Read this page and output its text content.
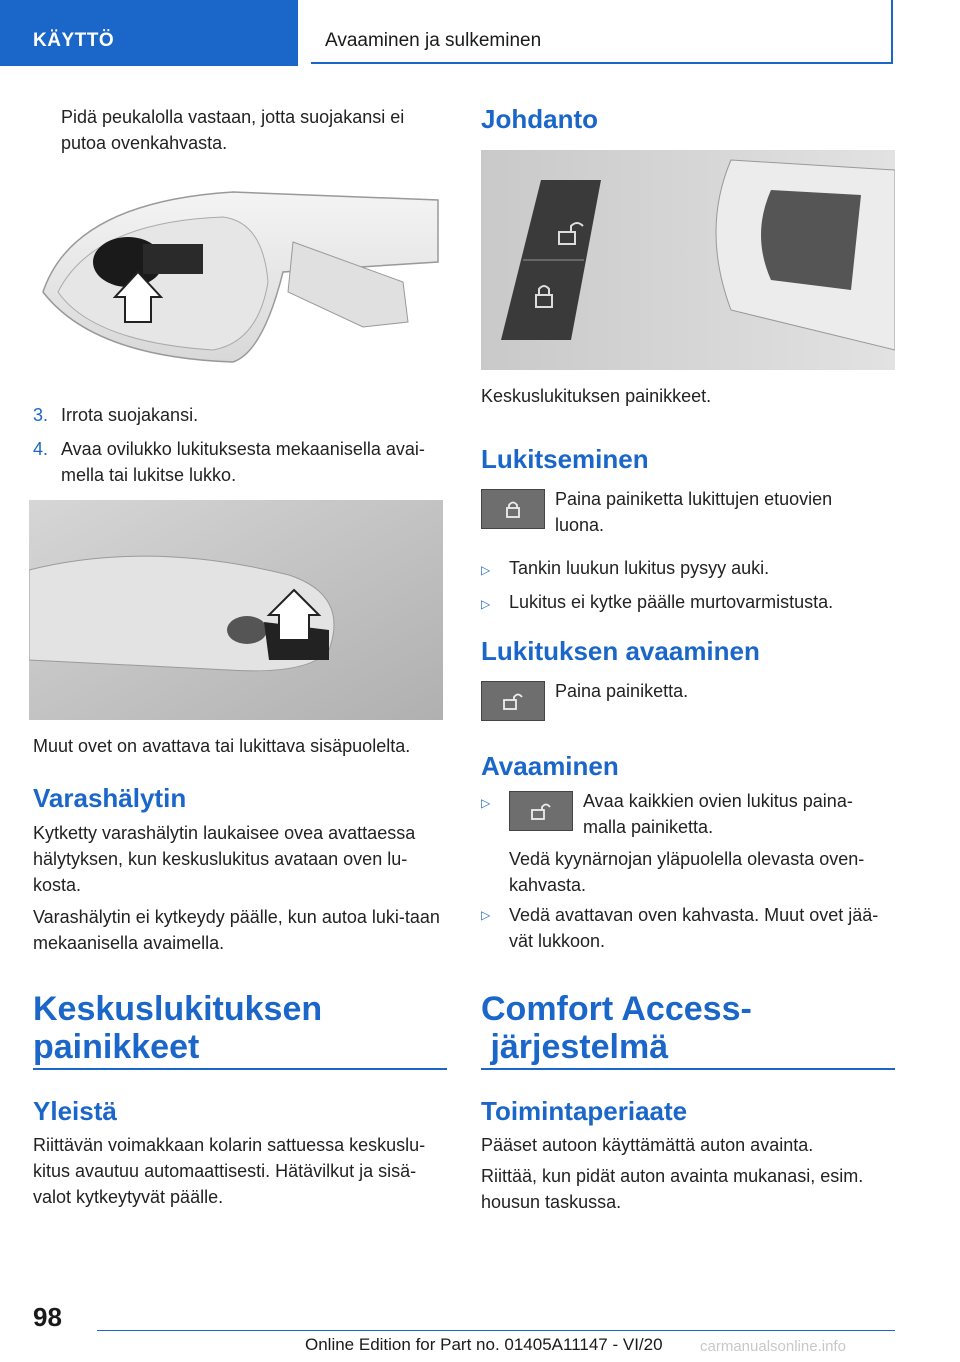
KÄYTTÖ	Avaaminen ja sulkeminen

Pidä peukalolla vastaan, jotta suojakansi ei putoa ovenkahvasta.

3. Irrota suojakansi.

4. Avaa ovilukko lukituksesta mekaanisella avai-mella tai lukitse lukko.

Muut ovet on avattava tai lukittava sisäpuolelta.

Varashälytin

Kytketty varashälytin laukaisee ovea avattaessa hälytyksen, kun keskuslukitus avataan oven lu-kosta.

Varashälytin ei kytkeydy päälle, kun autoa luki-taan mekaanisella avaimella.

Keskuslukituksen
painikkeet
Yleistä

Riittävän voimakkaan kolarin sattuessa keskuslu-kitus avautuu automaattisesti. Hätävilkut ja sisä-valot kytkeytyvät päälle.

Johdanto

Keskuslukituksen painikkeet.

Lukitseminen

Paina painiketta lukittujen etuovien luona.

▷ Tankin luukun lukitus pysyy auki.

▷ Lukitus ei kytke päälle murtovarmistusta.

Lukituksen avaaminen

Paina painiketta.

Avaaminen
▷	Avaa kaikkien ovien lukitus paina-malla painiketta.

Vedä kyynärnojan yläpuolella olevasta oven-kahvasta.

▷	Vedä avattavan oven kahvasta. Muut ovet jää-vät lukkoon.

Comfort Access-
järjestelmä
Toimintaperiaate

Pääset autoon käyttämättä auton avainta.

Riittää, kun pidät auton avainta mukanasi, esim. housun taskussa.

98
Online Edition for Part no. 01405A11147 - VI/20 carmanualsonline.info
